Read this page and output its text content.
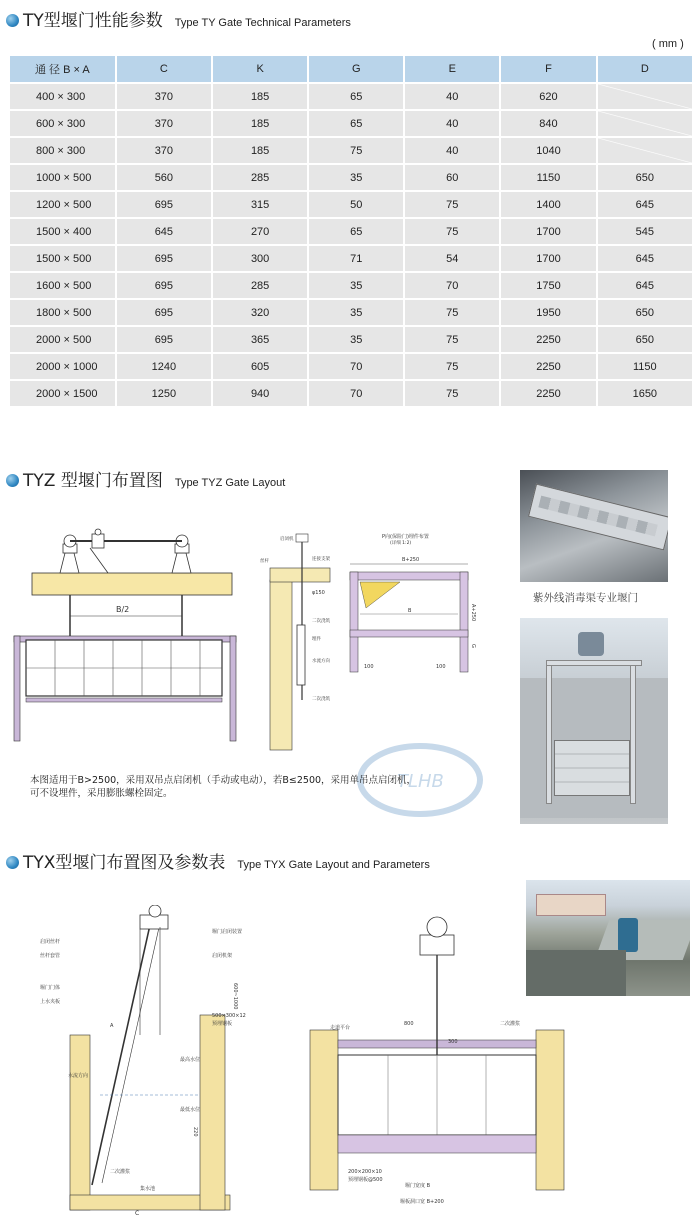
TY型堰门性能参数 Type TY Gate Technical Parameters
( mm )
通 径 B × A	C	K	G	E	F	D
400 × 300	370	185	65	40	620	
600 × 300	370	185	65	40	840	
800 × 300	370	185	75	40	1040	
1000 × 500	560	285	35	60	1150	650
1200 × 500	695	315	50	75	1400	645
1500 × 400	645	270	65	75	1700	545
1500 × 500	695	300	71	54	1700	645
1600 × 500	695	285	35	70	1750	645
1800 × 500	695	320	35	75	1950	650
2000 × 500	695	365	35	75	2250	650
2000 × 1000	1240	605	70	75	2250	1150
2000 × 1500	1250	940	70	75	2250	1650
TYZ 型堰门布置图 Type TYZ Gate Layout
B/2
启闭机
丝杆	连接支架
φ150
二次浇筑
埋件
水流方向
二次浇筑
P向(保险门)埋件布置
(详细 1:2)
B+250
B
100	100
A+250
G
紫外线消毒渠专业堰门
TLHB
本图适用于B>2500，采用双吊点启闭机（手动或电动），若B≤2500，采用单吊点启闭机，
可不设埋件，采用膨胀螺栓固定。
TYX型堰门布置图及参数表 Type TYX Gate Layout and Parameters
启闭丝杆
丝杆套管
堰门门体
上水夹板
水流方向
二次灌浆
堰门启闭装置
启闭机架
500×300×12
预埋钢板
最高水位
最低水位
集水池
600~1000
220
C
A	走道平台
二次灌浆
堰门宽度 B
堰板洞口宽 B+200
200×200×10
预埋钢板@500
800
300
